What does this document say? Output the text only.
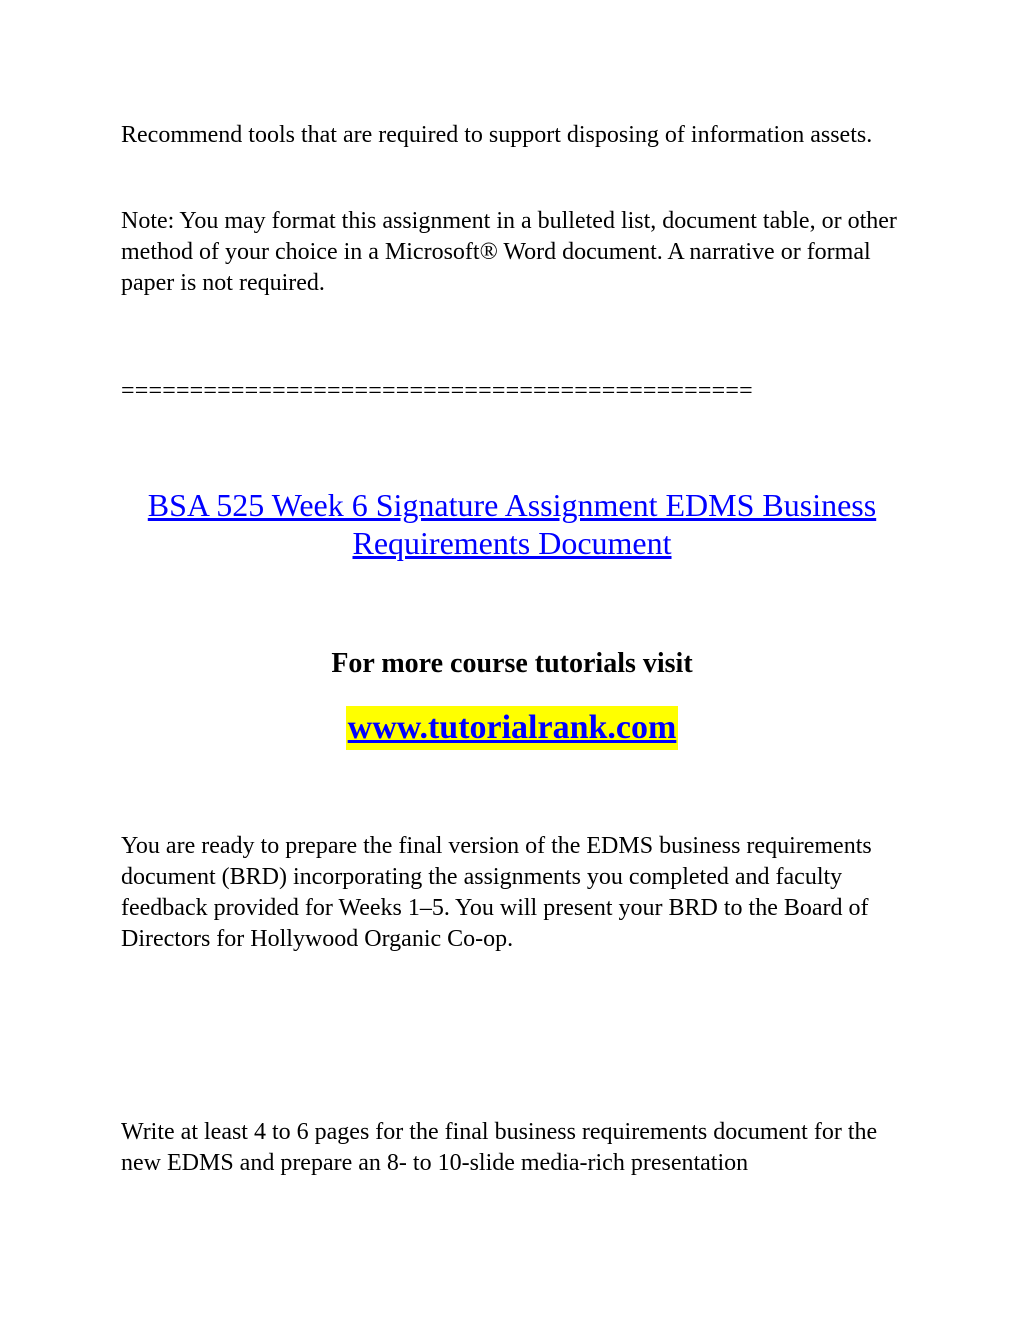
Recommend tools that are required to support disposing of information assets.

Note: You may format this assignment in a bulleted list, document table, or other method of your choice in a Microsoft® Word document. A narrative or formal paper is not required.

==============================================

BSA 525 Week 6 Signature Assignment EDMS Business Requirements Document

For more course tutorials visit

www.tutorialrank.com

You are ready to prepare the final version of the EDMS business requirements document (BRD) incorporating the assignments you completed and faculty feedback provided for Weeks 1–5. You will present your BRD to the Board of Directors for Hollywood Organic Co-op.

Write at least 4 to 6 pages for the final business requirements document for the new EDMS and prepare an 8- to 10-slide media-rich presentation
